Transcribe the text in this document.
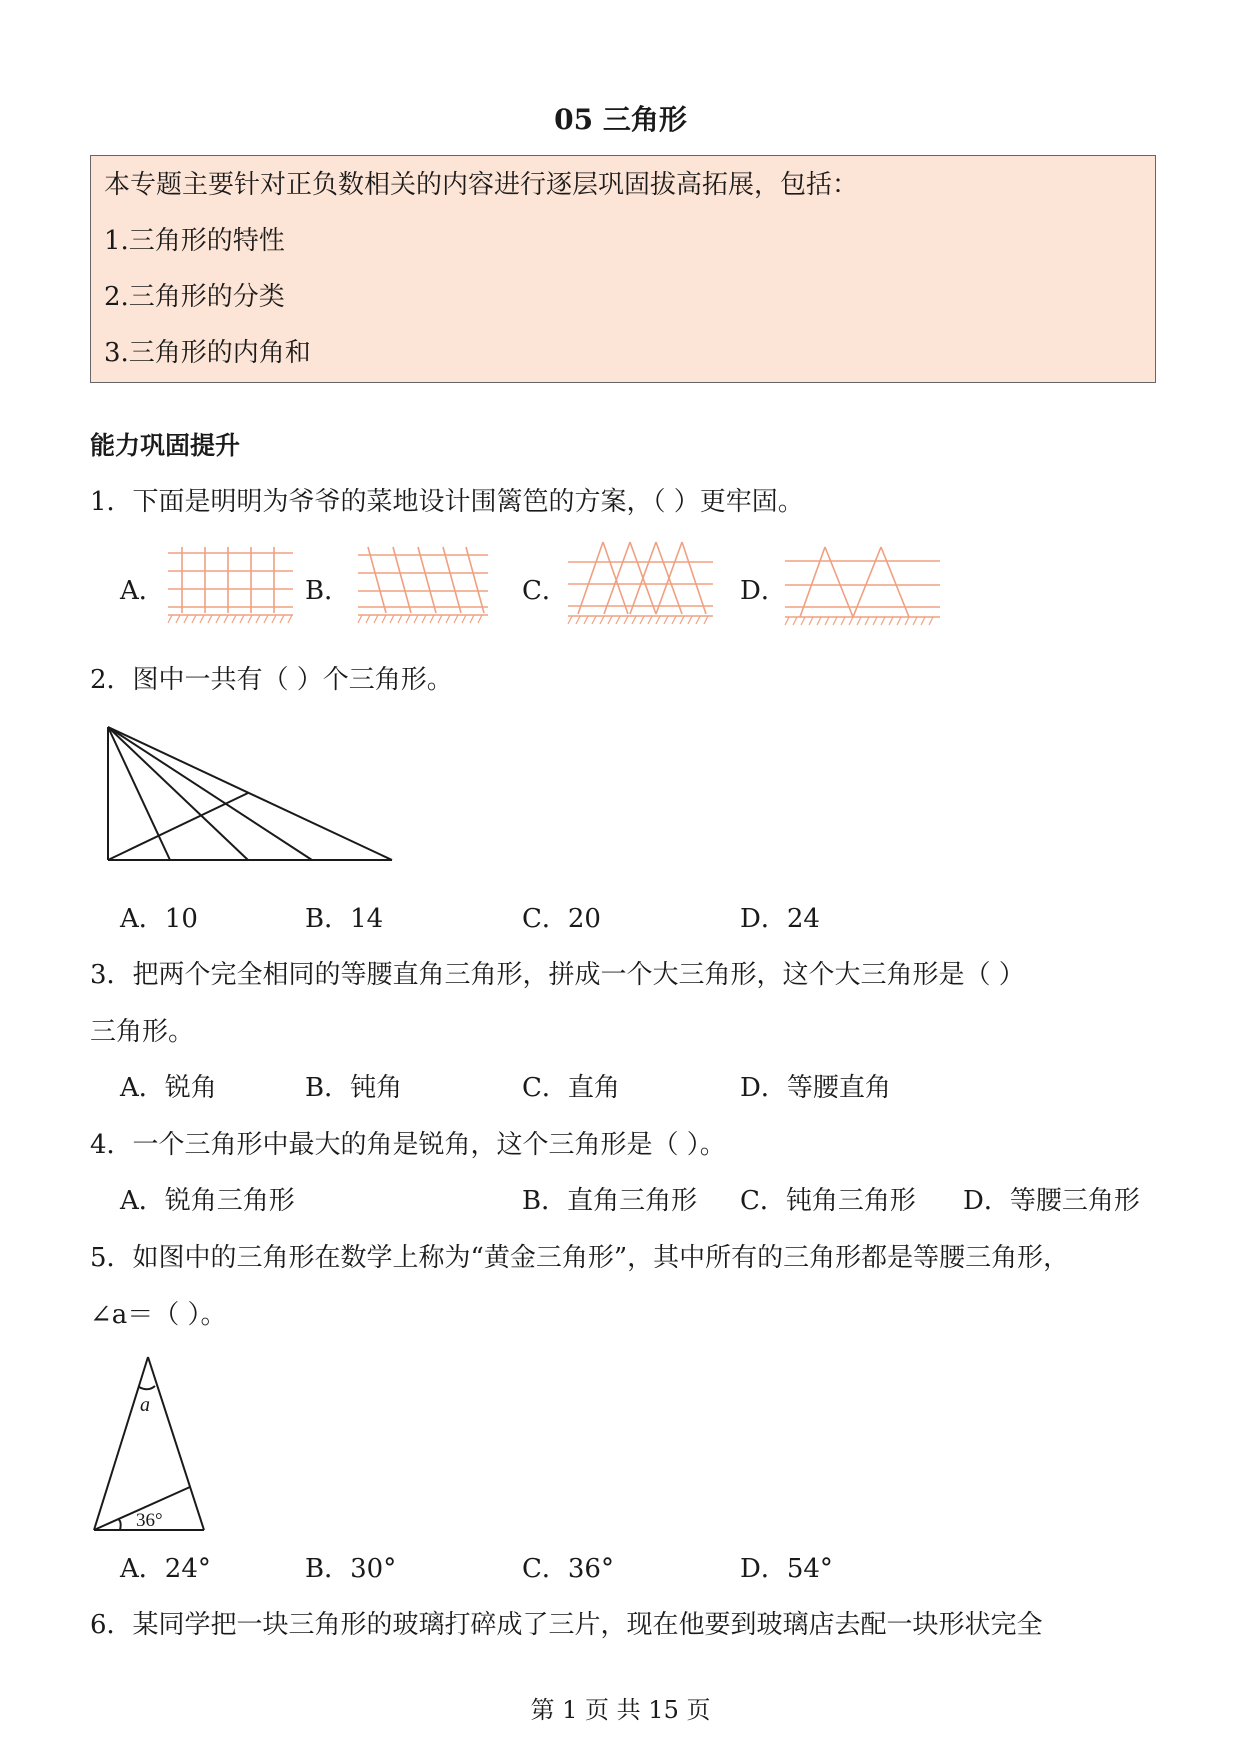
05 三角形
本专题主要针对正负数相关的内容进行逐层巩固拔高拓展，包括：
1.三角形的特性
2.三角形的分类
3.三角形的内角和
能力巩固提升
1．下面是明明为爷爷的菜地设计围篱笆的方案，（ ）更牢固。
A．	B．	C．	D．
2．图中一共有（ ）个三角形。
A．10	B．14	C．20	D．24
3．把两个完全相同的等腰直角三角形，拼成一个大三角形，这个大三角形是（ ）
三角形。
A．锐角	B．钝角	C．直角	D．等腰直角
4．一个三角形中最大的角是锐角，这个三角形是（ ）。
A．锐角三角形	B．直角三角形 C．钝角三角形 D．等腰三角形
5．如图中的三角形在数学上称为“黄金三角形”，其中所有的三角形都是等腰三角形，
∠a＝（ ）。
a
36°
A．24°	B．30°	C．36°	D．54°
6．某同学把一块三角形的玻璃打碎成了三片，现在他要到玻璃店去配一块形状完全
第 1 页 共 15 页
